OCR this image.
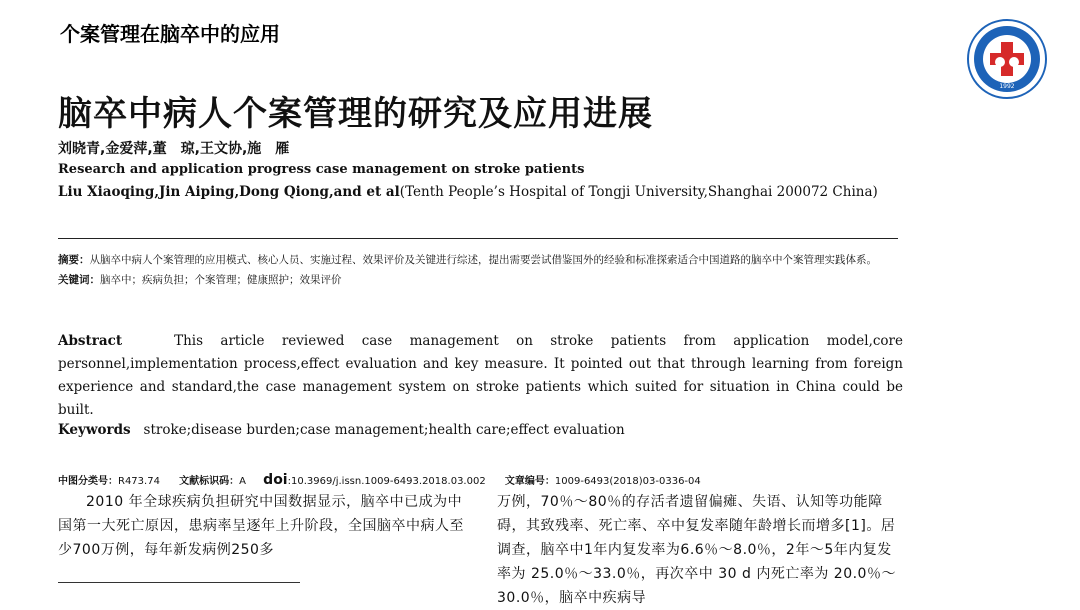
个案管理在脑卒中的应用
1992
脑卒中病人个案管理的研究及应用进展
刘晓青,金爱萍,董　琼,王文协,施　雁
Research and application progress case management on stroke patients
Liu Xiaoqing,Jin Aiping,Dong Qiong,and et al(Tenth People’s Hospital of Tongji University,Shanghai 200072 China)
摘要：从脑卒中病人个案管理的应用模式、核心人员、实施过程、效果评价及关键进行综述，提出需要尝试借鉴国外的经验和标准探索适合中国道路的脑卒中个案管理实践体系。
关键词：脑卒中；疾病负担；个案管理；健康照护；效果评价
Abstract	This article reviewed case management on stroke patients from application model,core personnel,implementation process,effect evaluation and key measure. It pointed out that through learning from foreign experience and standard,the case management system on stroke patients which suited for situation in China could be built.
Keywords stroke;disease burden;case management;health care;effect evaluation
中图分类号：R473.74 文献标识码：A doi:10.3969/j.issn.1009-6493.2018.03.002 文章编号：1009-6493(2018)03-0336-04
2010 年全球疾病负担研究中国数据显示，脑卒中已成为中国第一大死亡原因，患病率呈逐年上升阶段，全国脑卒中病人至少700万例，每年新发病例250多
万例，70％～80％的存活者遗留偏瘫、失语、认知等功能障碍，其致残率、死亡率、卒中复发率随年龄增长而增多[1]。居调查，脑卒中1年内复发率为6.6％～8.0％，2年～5年内复发率为 25.0％～33.0％，再次卒中 30 d 内死亡率为 20.0％～30.0％，脑卒中疾病导
